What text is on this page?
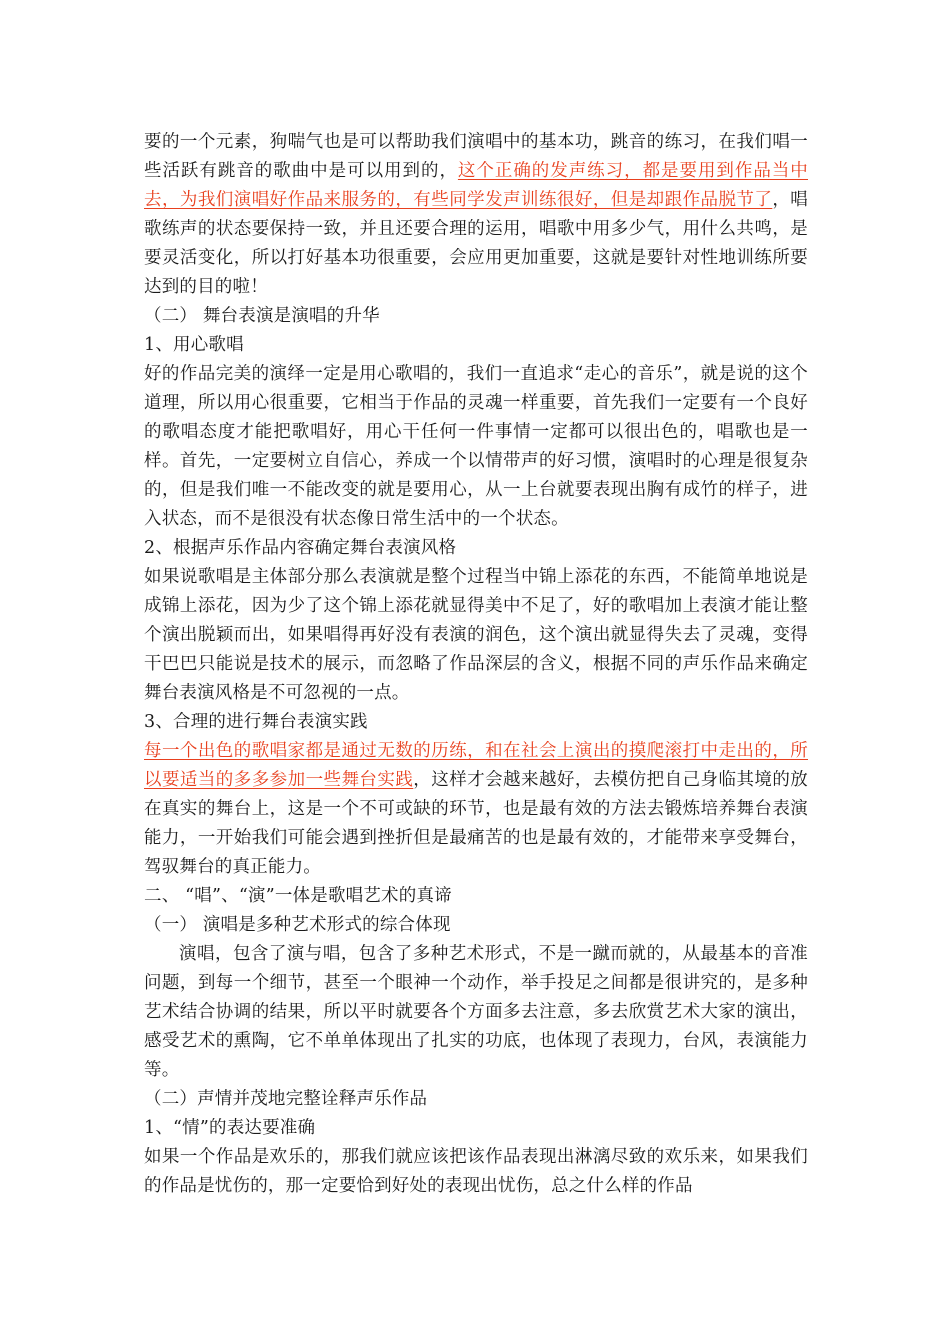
要的一个元素，狗喘气也是可以帮助我们演唱中的基本功，跳音的练习，在我们唱一些活跃有跳音的歌曲中是可以用到的，这个正确的发声练习，都是要用到作品当中去，为我们演唱好作品来服务的，有些同学发声训练很好，但是却跟作品脱节了，唱歌练声的状态要保持一致，并且还要合理的运用，唱歌中用多少气，用什么共鸣，是要灵活变化，所以打好基本功很重要，会应用更加重要，这就是要针对性地训练所要达到的目的啦！

（二） 舞台表演是演唱的升华

1、用心歌唱

好的作品完美的演绎一定是用心歌唱的，我们一直追求“走心的音乐”，就是说的这个道理，所以用心很重要，它相当于作品的灵魂一样重要，首先我们一定要有一个良好的歌唱态度才能把歌唱好，用心干任何一件事情一定都可以很出色的，唱歌也是一样。首先，一定要树立自信心，养成一个以情带声的好习惯，演唱时的心理是很复杂的，但是我们唯一不能改变的就是要用心，从一上台就要表现出胸有成竹的样子，进入状态，而不是很没有状态像日常生活中的一个状态。

2、根据声乐作品内容确定舞台表演风格

如果说歌唱是主体部分那么表演就是整个过程当中锦上添花的东西，不能简单地说是成锦上添花，因为少了这个锦上添花就显得美中不足了，好的歌唱加上表演才能让整个演出脱颖而出，如果唱得再好没有表演的润色，这个演出就显得失去了灵魂，变得干巴巴只能说是技术的展示，而忽略了作品深层的含义，根据不同的声乐作品来确定舞台表演风格是不可忽视的一点。

3、合理的进行舞台表演实践

每一个出色的歌唱家都是通过无数的历练，和在社会上演出的摸爬滚打中走出的，所以要适当的多多参加一些舞台实践，这样才会越来越好，去模仿把自己身临其境的放在真实的舞台上，这是一个不可或缺的环节，也是最有效的方法去锻炼培养舞台表演能力，一开始我们可能会遇到挫折但是最痛苦的也是最有效的，才能带来享受舞台，驾驭舞台的真正能力。

二、 “唱”、“演”一体是歌唱艺术的真谛

（一） 演唱是多种艺术形式的综合体现

演唱，包含了演与唱，包含了多种艺术形式，不是一蹴而就的，从最基本的音准问题，到每一个细节，甚至一个眼神一个动作，举手投足之间都是很讲究的，是多种艺术结合协调的结果，所以平时就要各个方面多去注意，多去欣赏艺术大家的演出，感受艺术的熏陶，它不单单体现出了扎实的功底，也体现了表现力，台风，表演能力等。

（二）声情并茂地完整诠释声乐作品

1、“情”的表达要准确

如果一个作品是欢乐的，那我们就应该把该作品表现出淋漓尽致的欢乐来，如果我们的作品是忧伤的，那一定要恰到好处的表现出忧伤，总之什么样的作品
